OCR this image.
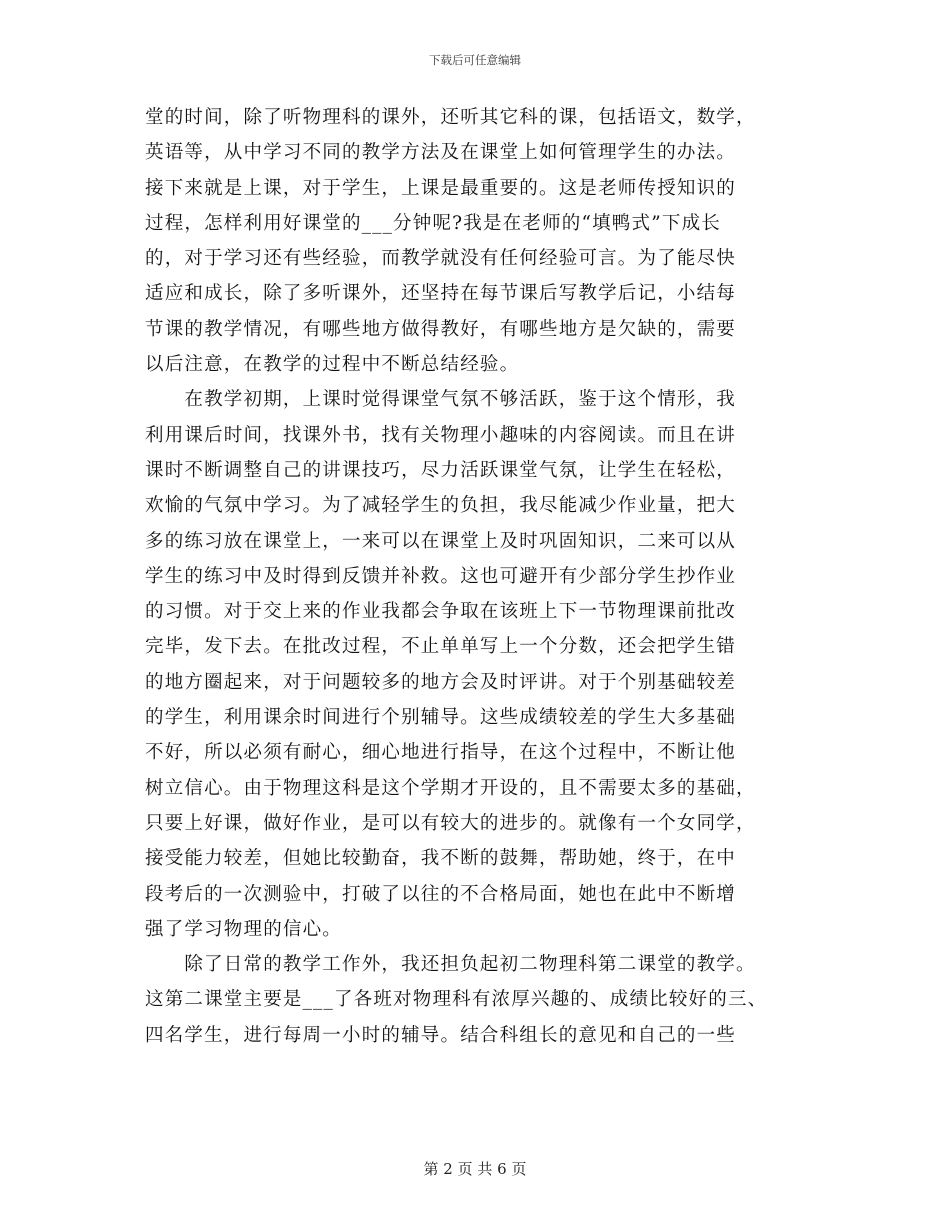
下载后可任意编辑
堂的时间，除了听物理科的课外，还听其它科的课，包括语文，数学，
英语等，从中学习不同的教学方法及在课堂上如何管理学生的办法。
接下来就是上课，对于学生，上课是最重要的。这是老师传授知识的
过程，怎样利用好课堂的___分钟呢?我是在老师的“填鸭式”下成长
的，对于学习还有些经验，而教学就没有任何经验可言。为了能尽快
适应和成长，除了多听课外，还坚持在每节课后写教学后记，小结每
节课的教学情况，有哪些地方做得教好，有哪些地方是欠缺的，需要
以后注意，在教学的过程中不断总结经验。
　　在教学初期，上课时觉得课堂气氛不够活跃，鉴于这个情形，我
利用课后时间，找课外书，找有关物理小趣味的内容阅读。而且在讲
课时不断调整自己的讲课技巧，尽力活跃课堂气氛，让学生在轻松，
欢愉的气氛中学习。为了减轻学生的负担，我尽能减少作业量，把大
多的练习放在课堂上，一来可以在课堂上及时巩固知识，二来可以从
学生的练习中及时得到反馈并补救。这也可避开有少部分学生抄作业
的习惯。对于交上来的作业我都会争取在该班上下一节物理课前批改
完毕，发下去。在批改过程，不止单单写上一个分数，还会把学生错
的地方圈起来，对于问题较多的地方会及时评讲。对于个别基础较差
的学生，利用课余时间进行个别辅导。这些成绩较差的学生大多基础
不好，所以必须有耐心，细心地进行指导，在这个过程中，不断让他
树立信心。由于物理这科是这个学期才开设的，且不需要太多的基础，
只要上好课，做好作业，是可以有较大的进步的。就像有一个女同学，
接受能力较差，但她比较勤奋，我不断的鼓舞，帮助她，终于，在中
段考后的一次测验中，打破了以往的不合格局面，她也在此中不断增
强了学习物理的信心。
　　除了日常的教学工作外，我还担负起初二物理科第二课堂的教学。
这第二课堂主要是___了各班对物理科有浓厚兴趣的、成绩比较好的三、
四名学生，进行每周一小时的辅导。结合科组长的意见和自己的一些
第 2 页 共 6 页
